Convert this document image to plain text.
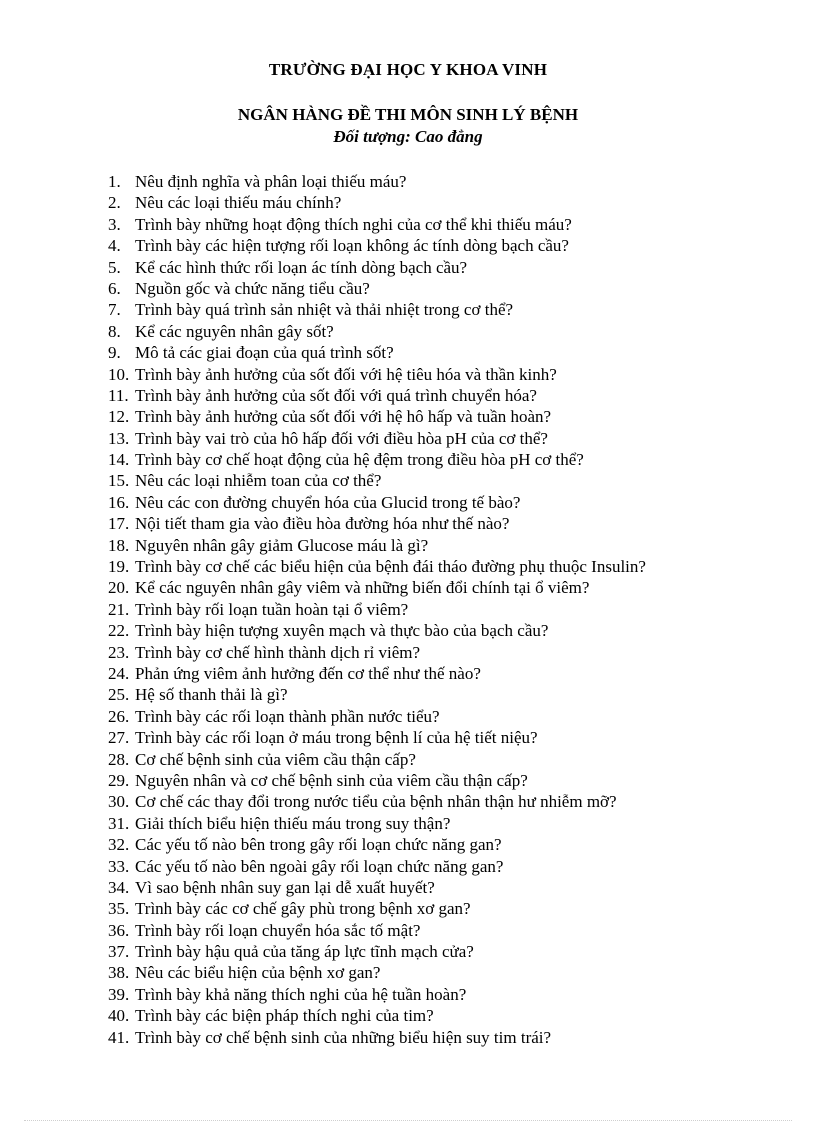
TRƯỜNG ĐẠI HỌC Y KHOA VINH
NGÂN HÀNG ĐỀ THI MÔN SINH LÝ BỆNH
Đối tượng: Cao đẳng
1. Nêu định nghĩa và phân loại thiếu máu?
2. Nêu các loại thiếu máu chính?
3. Trình bày những hoạt động thích nghi của cơ thể khi thiếu máu?
4. Trình bày các hiện tượng rối loạn không ác tính dòng bạch cầu?
5. Kể các hình thức rối loạn ác tính dòng bạch cầu?
6. Nguồn gốc và chức năng tiểu cầu?
7. Trình bày quá trình sản nhiệt và thải nhiệt trong cơ thể?
8. Kể các nguyên nhân gây sốt?
9. Mô tả các giai đoạn của quá trình sốt?
10. Trình bày ảnh hưởng của sốt đối với hệ tiêu hóa và thần kinh?
11. Trình bày ảnh hưởng của sốt đối với quá trình chuyển hóa?
12. Trình bày ảnh hưởng của sốt đối với hệ hô hấp và tuần hoàn?
13. Trình bày vai trò của hô hấp đối với điều hòa pH của cơ thể?
14. Trình bày cơ chế hoạt động của hệ đệm trong điều hòa pH cơ thể?
15. Nêu các loại nhiễm toan của cơ thể?
16. Nêu các con đường chuyển hóa của Glucid trong tế bào?
17. Nội tiết tham gia vào điều hòa đường hóa như thế nào?
18. Nguyên nhân gây giảm Glucose máu là gì?
19. Trình bày cơ chế các biểu hiện của bệnh đái tháo đường phụ thuộc Insulin?
20. Kể các nguyên nhân gây viêm và những biến đổi chính tại ổ viêm?
21. Trình bày rối loạn tuần hoàn tại ổ viêm?
22. Trình bày hiện tượng xuyên mạch và thực bào của bạch cầu?
23. Trình bày cơ chế hình thành dịch rỉ viêm?
24. Phản ứng viêm ảnh hưởng đến cơ thể như thế nào?
25. Hệ số thanh thải là gì?
26. Trình bày các rối loạn thành phần nước tiểu?
27. Trình bày các rối loạn ở máu trong bệnh lí của hệ tiết niệu?
28. Cơ chế bệnh sinh của viêm cầu thận cấp?
29. Nguyên nhân và cơ chế bệnh sinh của viêm cầu thận cấp?
30. Cơ chế các thay đổi trong nước tiểu của bệnh nhân thận hư nhiễm mỡ?
31. Giải thích biểu hiện thiếu máu trong suy thận?
32. Các yếu tố nào bên trong gây rối loạn chức năng gan?
33. Các yếu tố nào bên ngoài gây rối loạn chức năng gan?
34. Vì sao bệnh nhân suy gan lại dễ xuất huyết?
35. Trình bày các cơ chế gây phù trong bệnh xơ gan?
36. Trình bày rối loạn chuyển hóa sắc tố mật?
37. Trình bày hậu quả của tăng áp lực tĩnh mạch cửa?
38. Nêu các biểu hiện của bệnh xơ gan?
39. Trình bày khả năng thích nghi của hệ tuần hoàn?
40. Trình bày các biện pháp thích nghi của tim?
41. Trình bày cơ chế bệnh sinh của những biểu hiện suy tim trái?
